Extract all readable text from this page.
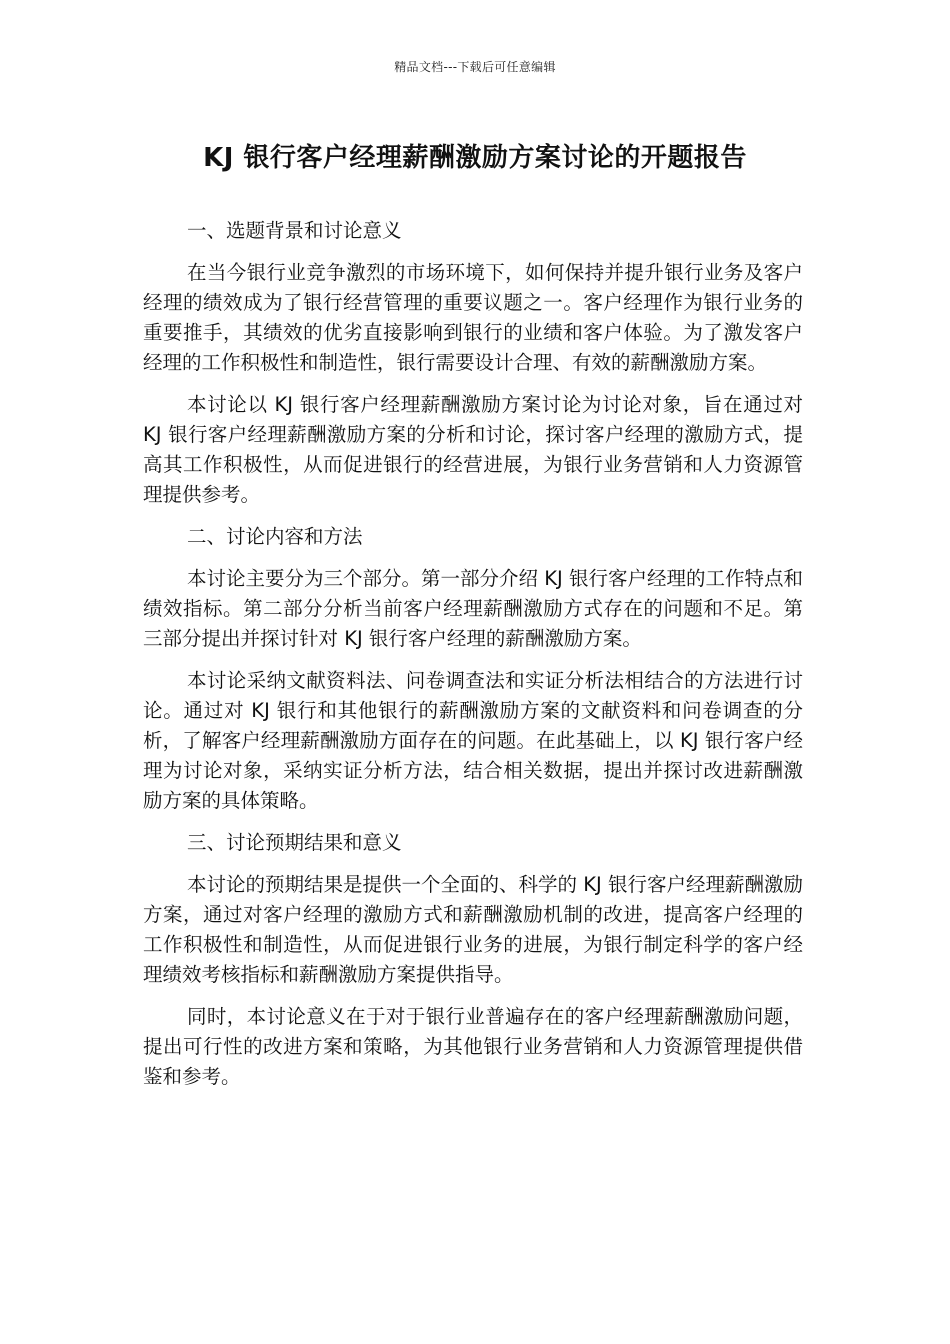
精品文档---下载后可任意编辑
KJ 银行客户经理薪酬激励方案讨论的开题报告

一、选题背景和讨论意义

在当今银行业竞争激烈的市场环境下，如何保持并提升银行业务及客户经理的绩效成为了银行经营管理的重要议题之一。客户经理作为银行业务的重要推手，其绩效的优劣直接影响到银行的业绩和客户体验。为了激发客户经理的工作积极性和制造性，银行需要设计合理、有效的薪酬激励方案。

本讨论以 KJ 银行客户经理薪酬激励方案讨论为讨论对象，旨在通过对 KJ 银行客户经理薪酬激励方案的分析和讨论，探讨客户经理的激励方式，提高其工作积极性，从而促进银行的经营进展，为银行业务营销和人力资源管理提供参考。

二、讨论内容和方法

本讨论主要分为三个部分。第一部分介绍 KJ 银行客户经理的工作特点和绩效指标。第二部分分析当前客户经理薪酬激励方式存在的问题和不足。第三部分提出并探讨针对 KJ 银行客户经理的薪酬激励方案。

本讨论采纳文献资料法、问卷调查法和实证分析法相结合的方法进行讨论。通过对 KJ 银行和其他银行的薪酬激励方案的文献资料和问卷调查的分析，了解客户经理薪酬激励方面存在的问题。在此基础上，以 KJ 银行客户经理为讨论对象，采纳实证分析方法，结合相关数据，提出并探讨改进薪酬激励方案的具体策略。

三、讨论预期结果和意义

本讨论的预期结果是提供一个全面的、科学的 KJ 银行客户经理薪酬激励方案，通过对客户经理的激励方式和薪酬激励机制的改进，提高客户经理的工作积极性和制造性，从而促进银行业务的进展，为银行制定科学的客户经理绩效考核指标和薪酬激励方案提供指导。

同时，本讨论意义在于对于银行业普遍存在的客户经理薪酬激励问题，提出可行性的改进方案和策略，为其他银行业务营销和人力资源管理提供借鉴和参考。
